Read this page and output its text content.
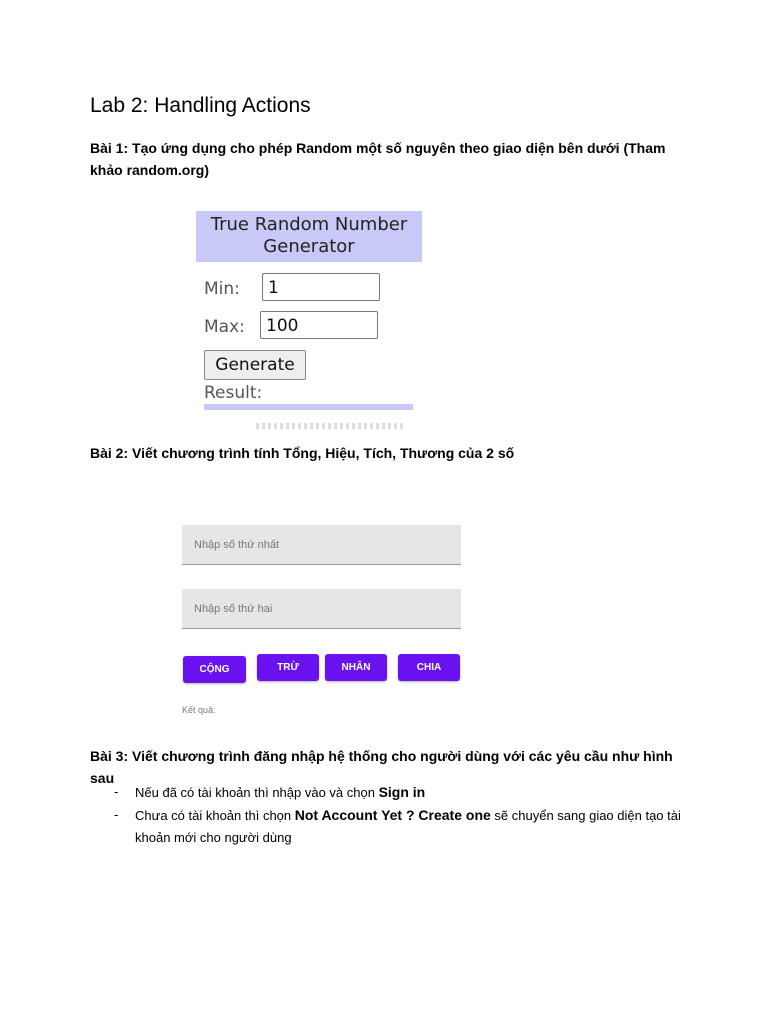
Lab 2: Handling Actions

Bài 1: Tạo ứng dụng cho phép Random một số nguyên theo giao diện bên dưới (Tham khảo random.org)

True Random Number
Generator
Min:	1
Max:	100
Generate
Result:

Bài 2: Viết chương trình tính Tổng, Hiệu, Tích, Thương của 2 số

Nhập số thứ nhất
Nhập số thứ hai
CỘNG	TRỪ	NHÂN	CHIA
Kết quả:

Bài 3: Viết chương trình đăng nhập hệ thống cho người dùng với các yêu cầu như hình sau

- Nếu đã có tài khoản thì nhập vào và chọn Sign in
- Chưa có tài khoản thì chọn Not Account Yet ? Create one sẽ chuyển sang giao diện tạo tài khoản mới cho người dùng
